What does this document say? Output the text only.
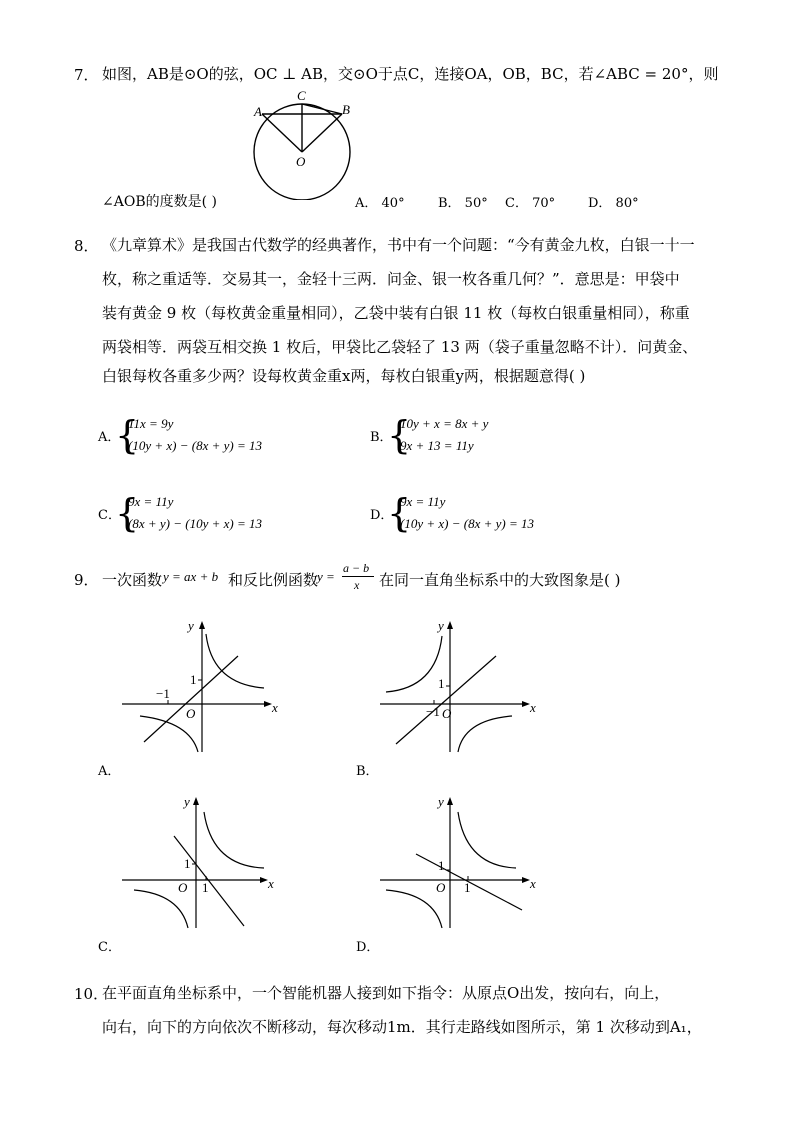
7． 如图，AB是⊙O的弦，OC ⊥ AB，交⊙O于点C，连接OA，OB，BC，若∠ABC = 20°，则
A
C
B
O
∠AOB的度数是( )	A． 40°	B． 50° C． 70°	D． 80°
8． 《九章算术》是我国古代数学的经典著作，书中有一个问题：“今有黄金九枚，白银一十一
枚，称之重适等．交易其一，金轻十三两．问金、银一枚各重几何？”．意思是：甲袋中
装有黄金 9 枚（每枚黄金重量相同），乙袋中装有白银 11 枚（每枚白银重量相同），称重
两袋相等．两袋互相交换 1 枚后，甲袋比乙袋轻了 13 两（袋子重量忽略不计）．问黄金、
白银每枚各重多少两？设每枚黄金重x两，每枚白银重y两，根据题意得( )
A．
{
11x = 9y
(10y + x) − (8x + y) = 13
B．
{
10y + x = 8x + y
9x + 13 = 11y
C．
{
9x = 11y
(8x + y) − (10y + x) = 13
D．
{
9x = 11y
(10y + x) − (8x + y) = 13
9． 一次函数 y = ax + b 和反比例函数
y =
a − b
x 在同一直角坐标系中的大致图象是( )
y
x
O
1
−1
A．
y
x
O
1
−1
B．
y
x
O
1
1
C．
y
x
O
1
1
D．
10．
在平面直角坐标系中，一个智能机器人接到如下指令：从原点O出发，按向右，向上，
向右，向下的方向依次不断移动，每次移动1m．其行走路线如图所示，第 1 次移动到A₁，
